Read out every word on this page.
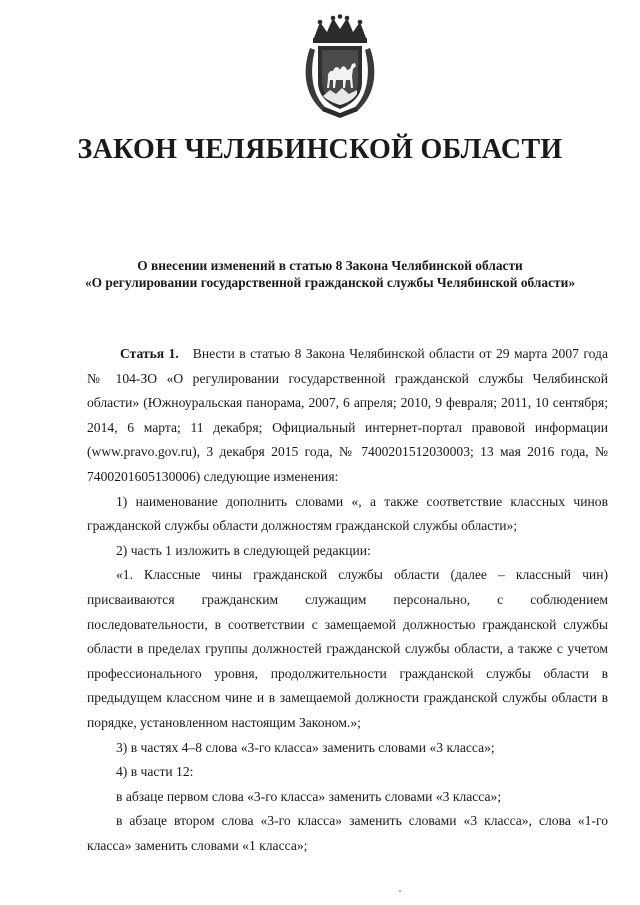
ЗАКОН ЧЕЛЯБИНСКОЙ ОБЛАСТИ
О внесении изменений в статью 8 Закона Челябинской области
«О регулировании государственной гражданской службы Челябинской области»

Статья 1. Внести в статью 8 Закона Челябинской области от 29 марта 2007 года № 104-ЗО «О регулировании государственной гражданской службы Челябинской области» (Южноуральская панорама, 2007, 6 апреля; 2010, 9 февраля; 2011, 10 сентября; 2014, 6 марта; 11 декабря; Официальный интернет-портал правовой информации (www.pravo.gov.ru), 3 декабря 2015 года, № 7400201512030003; 13 мая 2016 года, № 7400201605130006) следующие изменения:

1) наименование дополнить словами «, а также соответствие классных чинов гражданской службы области должностям гражданской службы области»;

2) часть 1 изложить в следующей редакции:

«1. Классные чины гражданской службы области (далее – классный чин) присваиваются гражданским служащим персонально, с соблюдением последовательности, в соответствии с замещаемой должностью гражданской службы области в пределах группы должностей гражданской службы области, а также с учетом профессионального уровня, продолжительности гражданской службы области в предыдущем классном чине и в замещаемой должности гражданской службы области в порядке, установленном настоящим Законом.»;

3) в частях 4–8 слова «3-го класса» заменить словами «3 класса»;

4) в части 12:

в абзаце первом слова «3-го класса» заменить словами «3 класса»;

в абзаце втором слова «3-го класса» заменить словами «3 класса», слова «1-го класса» заменить словами «1 класса»;
